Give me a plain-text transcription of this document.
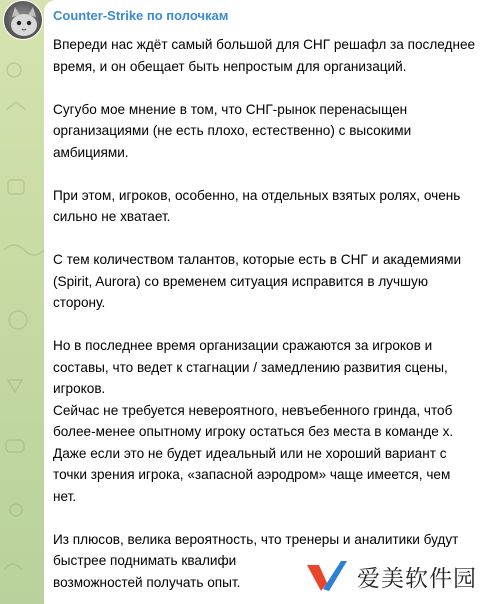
Counter-Strike по полочкам
Впереди нас ждёт самый большой для СНГ решафл за последнее время, и он обещает быть непростым для организаций.
Сугубо мое мнение в том, что СНГ-рынок перенасыщен организациями (не есть плохо, естественно) с высокими амбициями.
При этом, игроков, особенно, на отдельных взятых ролях, очень сильно не хватает.
С тем количеством талантов, которые есть в СНГ и академиями (Spirit, Aurora) со временем ситуация исправится в лучшую сторону.
Но в последнее время организации сражаются за игроков и составы, что ведет к стагнации / замедлению развития сцены, игроков.
Сейчас не требуется невероятного, невъебенного гринда, чтоб более-менее опытному игроку остаться без места в команде х. Даже если это не будет идеальный или не хороший вариант с точки зрения игрока, «запасной аэродром» чаще имеется, чем нет.
Из плюсов, велика вероятность, что тренеры и аналитики будут быстрее поднимать квалифи
возможностей получать опыт.	爱美软件园
